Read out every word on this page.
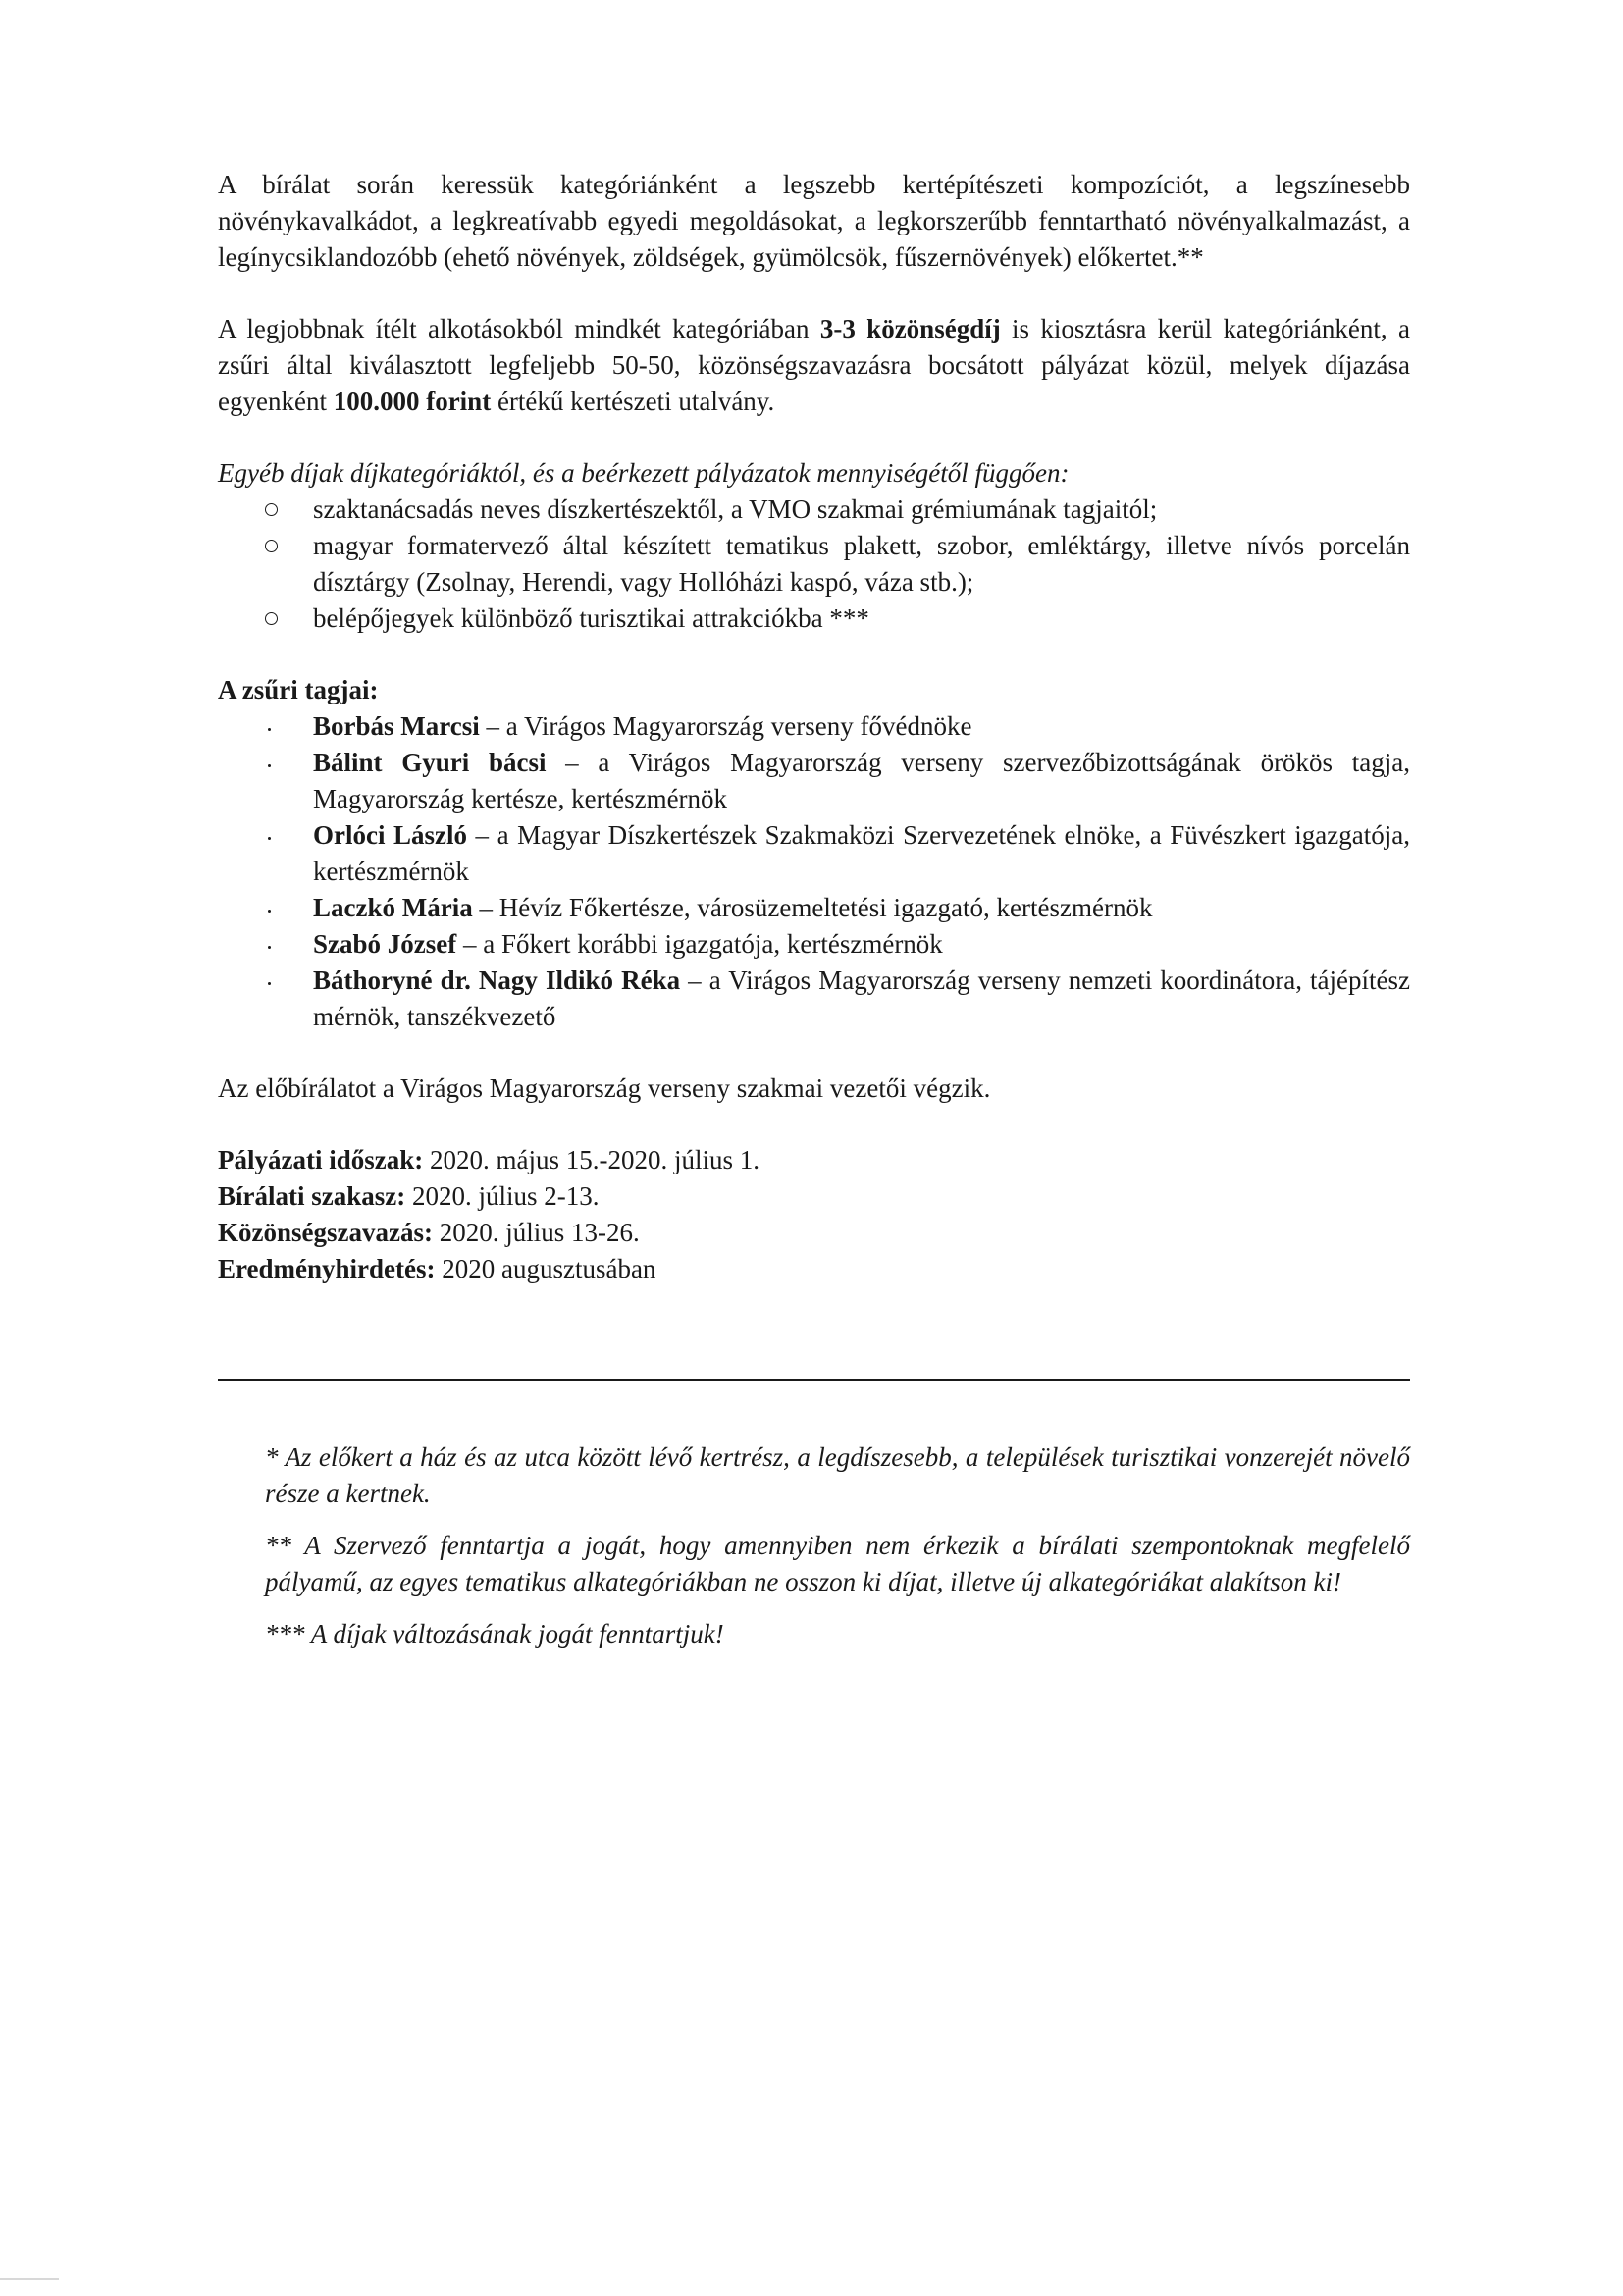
A bírálat során keressük kategóriánként a legszebb kertépítészeti kompozíciót, a legszínesebb növénykavalkádot, a legkreatívabb egyedi megoldásokat, a legkorszerűbb fenntartható növényalkalmazást, a legínycsiklandozóbb (ehető növények, zöldségek, gyümölcsök, fűszernövények) előkertet.**

A legjobbnak ítélt alkotásokból mindkét kategóriában 3-3 közönségdíj is kiosztásra kerül kategóriánként, a zsűri által kiválasztott legfeljebb 50-50, közönségszavazásra bocsátott pályázat közül, melyek díjazása egyenként 100.000 forint értékű kertészeti utalvány.

Egyéb díjak díjkategóriáktól, és a beérkezett pályázatok mennyiségétől függően:

szaktanácsadás neves díszkertészektől, a VMO szakmai grémiumának tagjaitól;
magyar formatervező által készített tematikus plakett, szobor, emléktárgy, illetve nívós porcelán dísztárgy (Zsolnay, Herendi, vagy Hollóházi kaspó, váza stb.);
belépőjegyek különböző turisztikai attrakciókba ***

A zsűri tagjai:

Borbás Marcsi – a Virágos Magyarország verseny fővédnöke
Bálint Gyuri bácsi – a Virágos Magyarország verseny szervezőbizottságának örökös tagja, Magyarország kertésze, kertészmérnök
Orlóci László – a Magyar Díszkertészek Szakmaközi Szervezetének elnöke, a Füvészkert igazgatója, kertészmérnök
Laczkó Mária – Hévíz Főkertésze, városüzemeltetési igazgató, kertészmérnök
Szabó József – a Főkert korábbi igazgatója, kertészmérnök
Báthoryné dr. Nagy Ildikó Réka – a Virágos Magyarország verseny nemzeti koordinátora, tájépítész mérnök, tanszékvezető

Az előbírálatot a Virágos Magyarország verseny szakmai vezetői végzik.

Pályázati időszak: 2020. május 15.-2020. július 1.

Bírálati szakasz: 2020. július 2-13.

Közönségszavazás: 2020. július 13-26.

Eredményhirdetés: 2020 augusztusában

* Az előkert a ház és az utca között lévő kertrész, a legdíszesebb, a települések turisztikai vonzerejét növelő része a kertnek.

** A Szervező fenntartja a jogát, hogy amennyiben nem érkezik a bírálati szempontoknak megfelelő pályamű, az egyes tematikus alkategóriákban ne osszon ki díjat, illetve új alkategóriákat alakítson ki!

*** A díjak változásának jogát fenntartjuk!
